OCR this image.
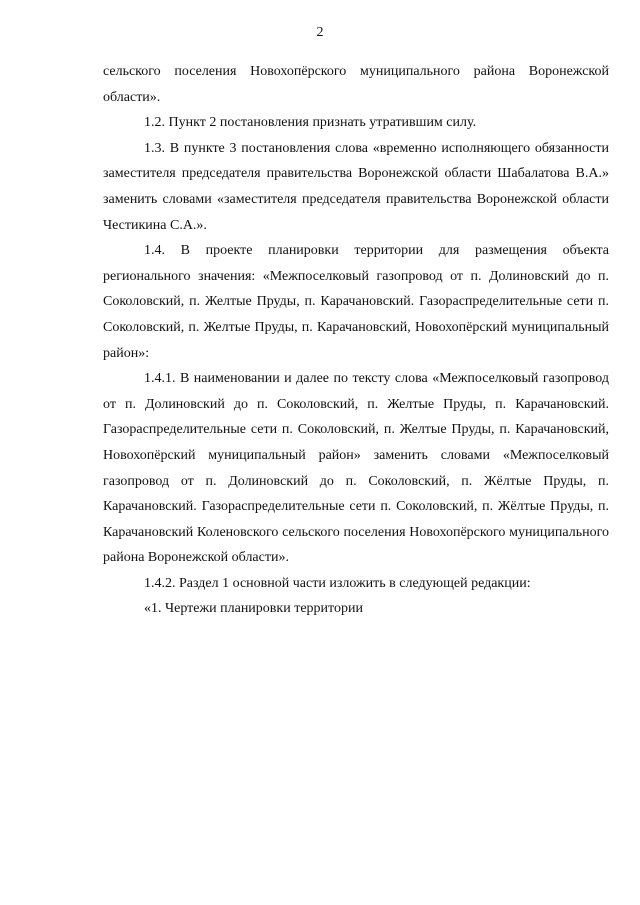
2

сельского поселения Новохопёрского муниципального района Воронежской области».

1.2. Пункт 2 постановления признать утратившим силу.

1.3. В пункте 3 постановления слова «временно исполняющего обязанности заместителя председателя правительства Воронежской области Шабалатова В.А.» заменить словами «заместителя председателя правительства Воронежской области Честикина С.А.».

1.4. В проекте планировки территории для размещения объекта регионального значения: «Межпоселковый газопровод от п. Долиновский до п. Соколовский, п. Желтые Пруды, п. Карачановский. Газораспределительные сети п. Соколовский, п. Желтые Пруды, п. Карачановский, Новохопёрский муниципальный район»:

1.4.1. В наименовании и далее по тексту слова «Межпоселковый газопровод от п. Долиновский до п. Соколовский, п. Желтые Пруды, п. Карачановский. Газораспределительные сети п. Соколовский, п. Желтые Пруды, п. Карачановский, Новохопёрский муниципальный район» заменить словами «Межпоселковый газопровод от п. Долиновский до п. Соколовский, п. Жёлтые Пруды, п. Карачановский. Газораспределительные сети п. Соколовский, п. Жёлтые Пруды, п. Карачановский Коленовского сельского поселения Новохопёрского муниципального района Воронежской области».

1.4.2. Раздел 1 основной части изложить в следующей редакции:

«1. Чертежи планировки территории
